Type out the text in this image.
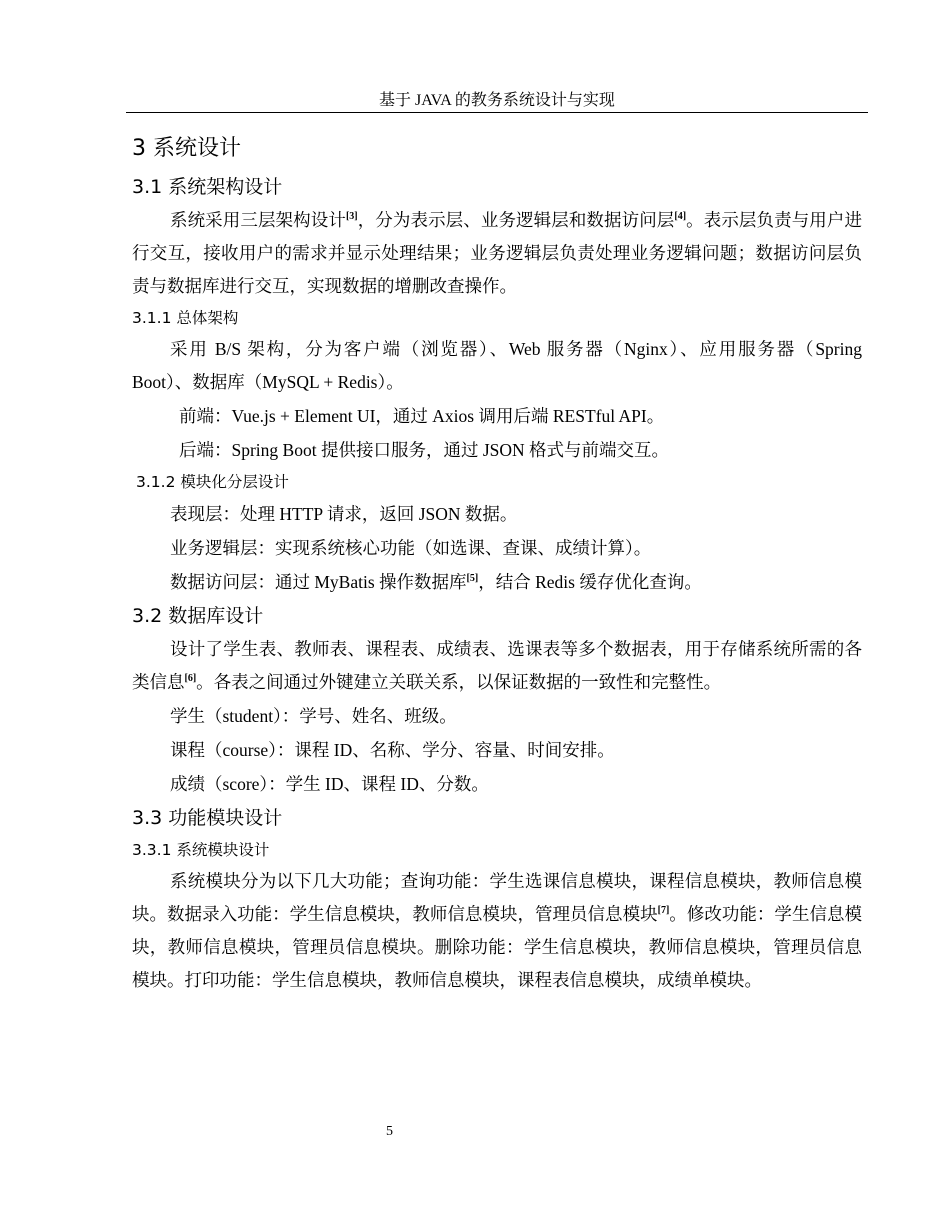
基于 JAVA 的教务系统设计与实现
3 系统设计
3.1 系统架构设计

系统采用三层架构设计[3]，分为表示层、业务逻辑层和数据访问层[4]。表示层负责与用户进行交互，接收用户的需求并显示处理结果；业务逻辑层负责处理业务逻辑问题；数据访问层负责与数据库进行交互，实现数据的增删改查操作。

3.1.1 总体架构

采用 B/S 架构，分为客户端（浏览器）、Web 服务器（Nginx）、应用服务器（Spring Boot）、数据库（MySQL + Redis）。

前端：Vue.js + Element UI，通过 Axios 调用后端 RESTful API。

后端：Spring Boot 提供接口服务，通过 JSON 格式与前端交互。

3.1.2 模块化分层设计

表现层：处理 HTTP 请求，返回 JSON 数据。

业务逻辑层：实现系统核心功能（如选课、查课、成绩计算）。

数据访问层：通过 MyBatis 操作数据库[5]，结合 Redis 缓存优化查询。

3.2 数据库设计

设计了学生表、教师表、课程表、成绩表、选课表等多个数据表，用于存储系统所需的各类信息[6]。各表之间通过外键建立关联关系，以保证数据的一致性和完整性。

学生（student）：学号、姓名、班级。

课程（course）：课程 ID、名称、学分、容量、时间安排。

成绩（score）：学生 ID、课程 ID、分数。

3.3 功能模块设计
3.3.1 系统模块设计

系统模块分为以下几大功能；查询功能：学生选课信息模块，课程信息模块，教师信息模块。数据录入功能：学生信息模块，教师信息模块，管理员信息模块[7]。修改功能：学生信息模块，教师信息模块，管理员信息模块。删除功能：学生信息模块，教师信息模块，管理员信息模块。打印功能：学生信息模块，教师信息模块，课程表信息模块，成绩单模块。

5
